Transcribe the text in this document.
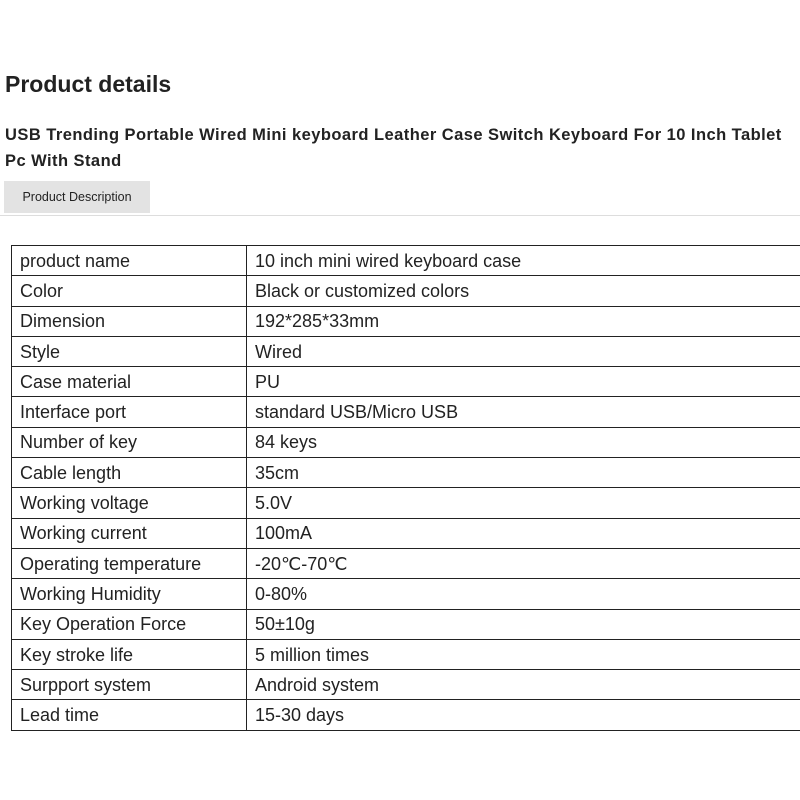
Product details
USB Trending Portable Wired Mini keyboard Leather Case Switch Keyboard For 10 Inch Tablet Pc With Stand
Product Description
product name	10 inch mini wired keyboard case
Color	Black or customized colors
Dimension	192*285*33mm
Style	Wired
Case material	PU
Interface port	standard USB/Micro USB
Number of key	84 keys
Cable length	35cm
Working voltage	5.0V
Working current	100mA
Operating temperature	-20℃-70℃
Working Humidity	0-80%
Key Operation Force	50±10g
Key stroke life	5 million times
Surpport system	Android system
Lead time	15-30 days
